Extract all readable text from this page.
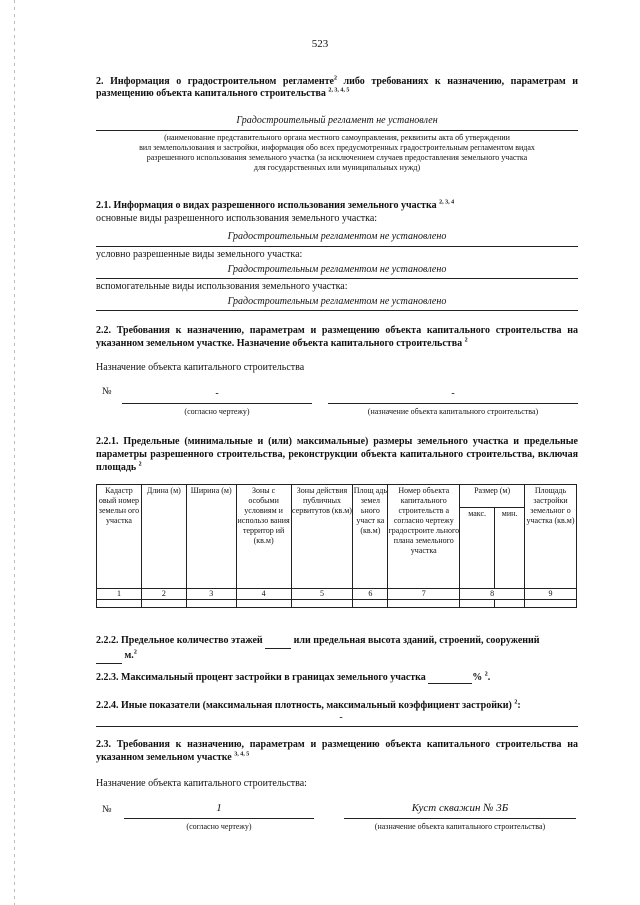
523
2. Информация о градостроительном регламенте$^2$ либо требованиях к назначению, параметрам и размещению объекта капитального строительства $^{2, 3, 4, 5}$
Градостроительный регламент не установлен
(наименование представительного органа местного самоуправления, реквизиты акта об утверждении
вил землепользования и застройки, информация обо всех предусмотренных градостроительным регламентом видах
разрешенного использования земельного участка (за исключением случаев предоставления земельного участка
для государственных или муниципальных нужд)
2.1. Информация о видах разрешенного использования земельного участка $^{2, 3, 4}$
основные виды разрешенного использования земельного участка:
Градостроительным регламентом не установлено
условно разрешенные виды земельного участка:
Градостроительным регламентом не установлено
вспомогательные виды использования земельного участка:
Градостроительным регламентом не установлено
2.2. Требования к назначению, параметрам и размещению объекта капитального строительства на указанном земельном участке. Назначение объекта капитального строительства $^2$
Назначение объекта капитального строительства
№	-	-
(согласно чертежу)	(назначение объекта капитального строительства)
2.2.1. Предельные (минимальные и (или) максимальные) размеры земельного участка и предельные параметры разрешенного строительства, реконструкции объекта капитального строительства, включая площадь $^2$
Кадастр овый номер земельн ого участка	Длина (м)	Ширина (м)	Зоны с особыми условиям и использо вания территор ий (кв.м)	Зоны действия публичных сервитутов (кв.м)	Площ адь земел ьного участ ка (кв.м)	Номер объекта капитального строительств а согласно чертежу градостроите льного плана земельного участка	Размер (м)		Площадь застройки земельног о участка (кв.м)
							макс.	мин.	
1	2	3	4	5	6	7	8		9

2.2.2. Предельное количество этажей	или предельная высота зданий, строений, сооружений
м.$^2$
2.2.3. Максимальный процент застройки в границах земельного участка	% $^2$.
2.2.4. Иные показатели (максимальная плотность, максимальный коэффициент застройки) $^2$:
-
2.3. Требования к назначению, параметрам и размещению объекта капитального строительства на указанном земельном участке $^{3, 4, 5}$
Назначение объекта капитального строительства:
№	1	Куст скважин № 3Б
(согласно чертежу)	(назначение объекта капитального строительства)
